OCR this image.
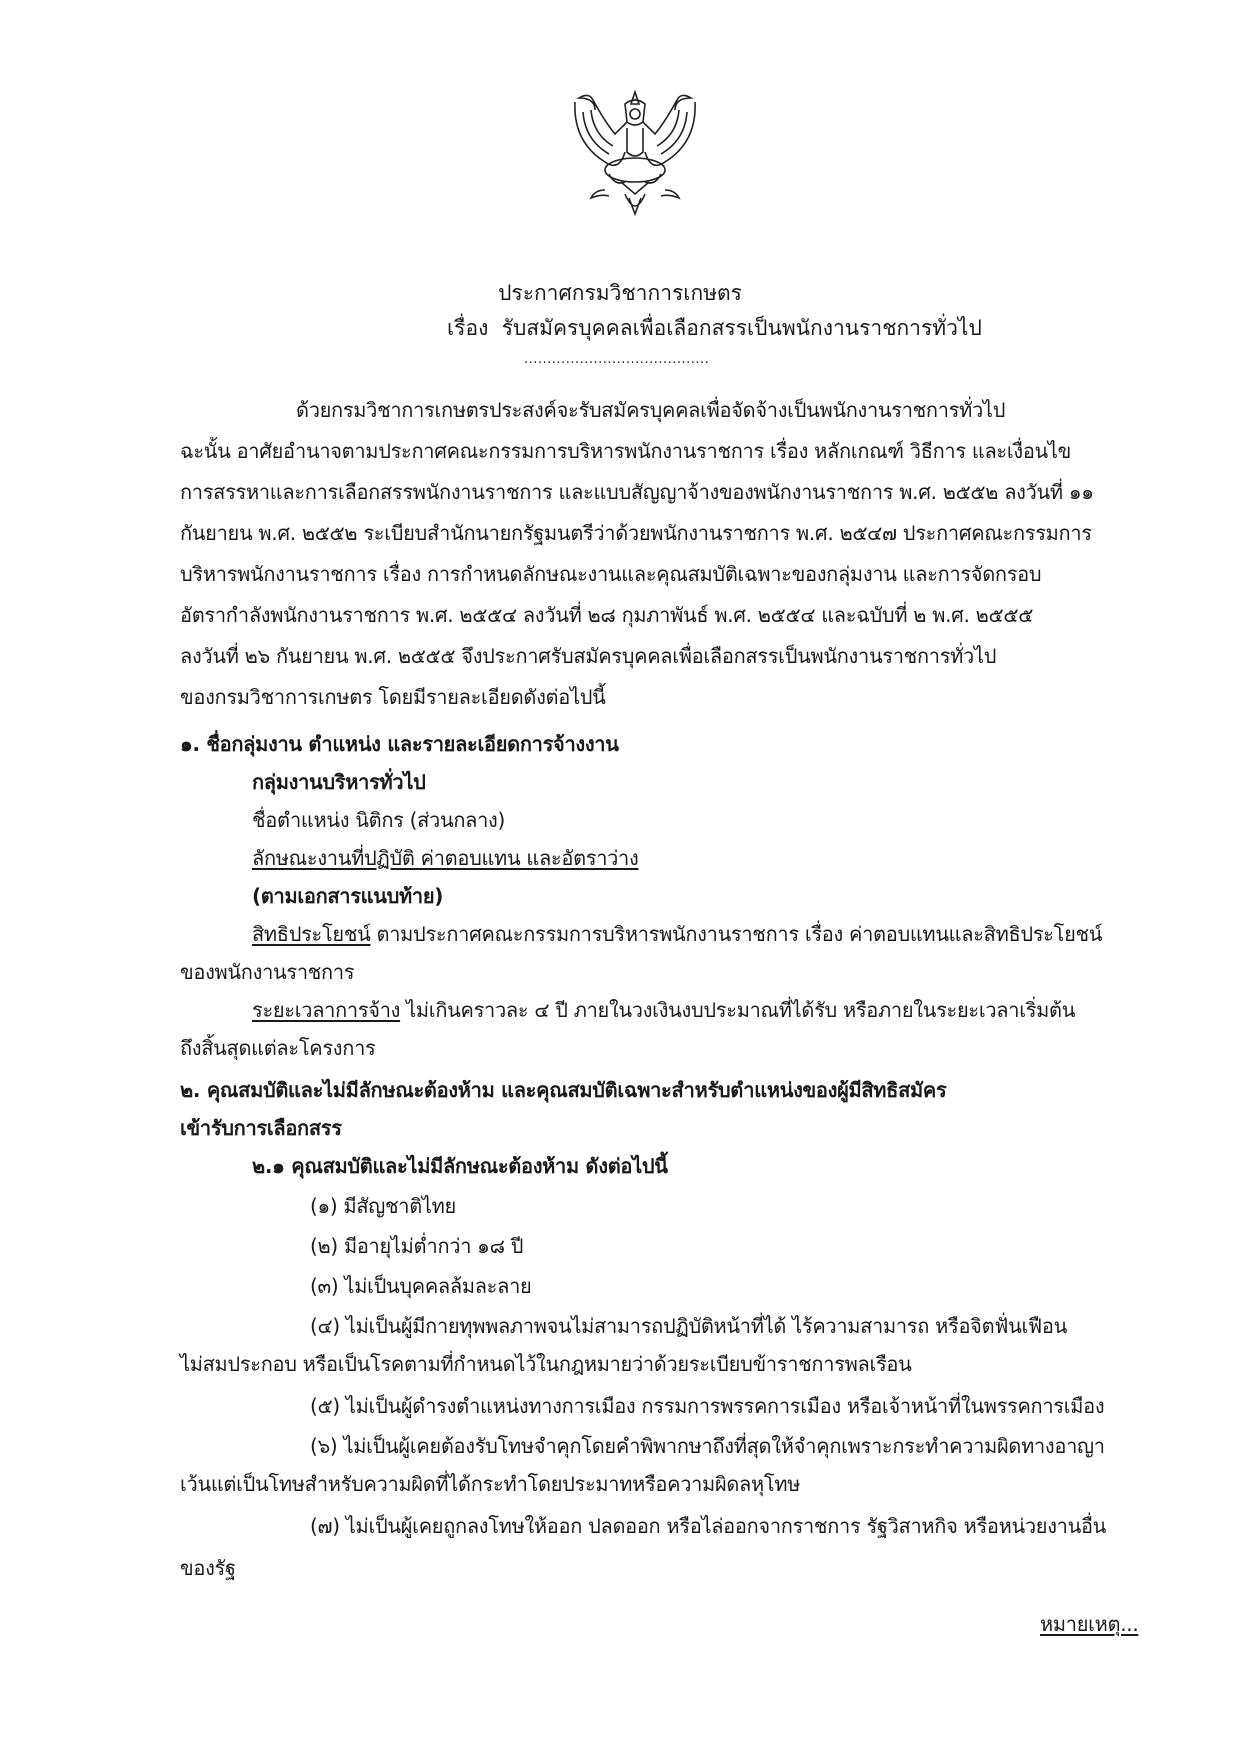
ประกาศกรมวิชาการเกษตร
เรื่อง รับสมัครบุคคลเพื่อเลือกสรรเป็นพนักงานราชการทั่วไป
........................................
ด้วยกรมวิชาการเกษตรประสงค์จะรับสมัครบุคคลเพื่อจัดจ้างเป็นพนักงานราชการทั่วไป
ฉะนั้น อาศัยอำนาจตามประกาศคณะกรรมการบริหารพนักงานราชการ เรื่อง หลักเกณฑ์ วิธีการ และเงื่อนไข
การสรรหาและการเลือกสรรพนักงานราชการ และแบบสัญญาจ้างของพนักงานราชการ พ.ศ. ๒๕๕๒ ลงวันที่ ๑๑
กันยายน พ.ศ. ๒๕๕๒ ระเบียบสำนักนายกรัฐมนตรีว่าด้วยพนักงานราชการ พ.ศ. ๒๕๔๗ ประกาศคณะกรรมการ
บริหารพนักงานราชการ เรื่อง การกำหนดลักษณะงานและคุณสมบัติเฉพาะของกลุ่มงาน และการจัดกรอบ
อัตรากำลังพนักงานราชการ พ.ศ. ๒๕๕๔ ลงวันที่ ๒๘ กุมภาพันธ์ พ.ศ. ๒๕๕๔ และฉบับที่ ๒ พ.ศ. ๒๕๕๕
ลงวันที่ ๒๖ กันยายน พ.ศ. ๒๕๕๕ จึงประกาศรับสมัครบุคคลเพื่อเลือกสรรเป็นพนักงานราชการทั่วไป
ของกรมวิชาการเกษตร โดยมีรายละเอียดดังต่อไปนี้
๑. ชื่อกลุ่มงาน ตำแหน่ง และรายละเอียดการจ้างงาน
กลุ่มงานบริหารทั่วไป
ชื่อตำแหน่ง นิติกร (ส่วนกลาง)
ลักษณะงานที่ปฏิบัติ ค่าตอบแทน และอัตราว่าง
(ตามเอกสารแนบท้าย)
สิทธิประโยชน์ ตามประกาศคณะกรรมการบริหารพนักงานราชการ เรื่อง ค่าตอบแทนและสิทธิประโยชน์
ของพนักงานราชการ
ระยะเวลาการจ้าง ไม่เกินคราวละ ๔ ปี ภายในวงเงินงบประมาณที่ได้รับ หรือภายในระยะเวลาเริ่มต้น
ถึงสิ้นสุดแต่ละโครงการ
๒. คุณสมบัติและไม่มีลักษณะต้องห้าม และคุณสมบัติเฉพาะสำหรับตำแหน่งของผู้มีสิทธิสมัคร
เข้ารับการเลือกสรร
๒.๑ คุณสมบัติและไม่มีลักษณะต้องห้าม ดังต่อไปนี้
(๑) มีสัญชาติไทย
(๒) มีอายุไม่ต่ำกว่า ๑๘ ปี
(๓) ไม่เป็นบุคคลล้มละลาย
(๔) ไม่เป็นผู้มีกายทุพพลภาพจนไม่สามารถปฏิบัติหน้าที่ได้ ไร้ความสามารถ หรือจิตฟั่นเฟือน
ไม่สมประกอบ หรือเป็นโรคตามที่กำหนดไว้ในกฎหมายว่าด้วยระเบียบข้าราชการพลเรือน
(๕) ไม่เป็นผู้ดำรงตำแหน่งทางการเมือง กรรมการพรรคการเมือง หรือเจ้าหน้าที่ในพรรคการเมือง
(๖) ไม่เป็นผู้เคยต้องรับโทษจำคุกโดยคำพิพากษาถึงที่สุดให้จำคุกเพราะกระทำความผิดทางอาญา
เว้นแต่เป็นโทษสำหรับความผิดที่ได้กระทำโดยประมาทหรือความผิดลหุโทษ
(๗) ไม่เป็นผู้เคยถูกลงโทษให้ออก ปลดออก หรือไล่ออกจากราชการ รัฐวิสาหกิจ หรือหน่วยงานอื่น
ของรัฐ
หมายเหตุ...
